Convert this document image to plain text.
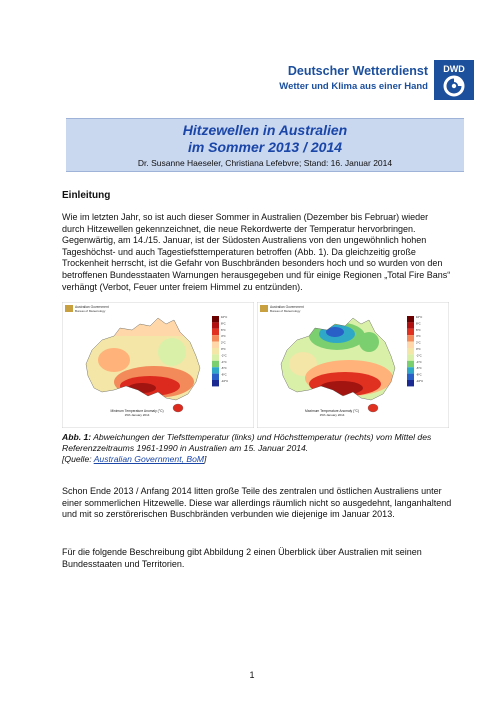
Deutscher Wetterdienst
Wetter und Klima aus einer Hand
DWD
Hitzewellen in Australien
im Sommer 2013 / 2014
Dr. Susanne Haeseler, Christiana Lefebvre; Stand: 16. Januar 2014
Einleitung
Wie im letzten Jahr, so ist auch dieser Sommer in Australien (Dezember bis Februar) wieder durch Hitzewellen gekennzeichnet, die neue Rekordwerte der Temperatur hervorbringen. Gegenwärtig, am 14./15. Januar, ist der Südosten Australiens von den ungewöhnlich hohen Tageshöchst- und auch Tagestiefsttemperaturen betroffen (Abb. 1). Da gleichzeitig große Trockenheit herrscht, ist die Gefahr von Buschbränden besonders hoch und so wurden von den betroffenen Bundesstaaten Warnungen herausgegeben und für einige Regionen „Total Fire Bans“ verhängt (Verbot, Feuer unter freiem Himmel zu entzünden).
Australian Government
Bureau of Meteorology
Minimum Temperature Anomaly (°C)
15th January 2014
10°C
8°C
6°C
4°C
2°C
0°C
-2°C
-4°C
-6°C
-8°C
-10°C
Australian Government
Bureau of Meteorology
Maximum Temperature Anomaly (°C)
15th January 2014
10°C
8°C
6°C
4°C
2°C
0°C
-2°C
-4°C
-6°C
-8°C
-10°C
Abb. 1: Abweichungen der Tiefsttemperatur (links) und Höchsttemperatur (rechts) vom Mittel des Referenzzeitraums 1961-1990 in Australien am 15. Januar 2014.
[Quelle: Australian Government, BoM]
Schon Ende 2013 / Anfang 2014 litten große Teile des zentralen und östlichen Australiens unter einer sommerlichen Hitzewelle. Diese war allerdings räumlich nicht so ausgedehnt, langanhaltend und mit so zerstörerischen Buschbränden verbunden wie diejenige im Januar 2013.
Für die folgende Beschreibung gibt Abbildung 2 einen Überblick über Australien mit seinen Bundesstaaten und Territorien.
1
